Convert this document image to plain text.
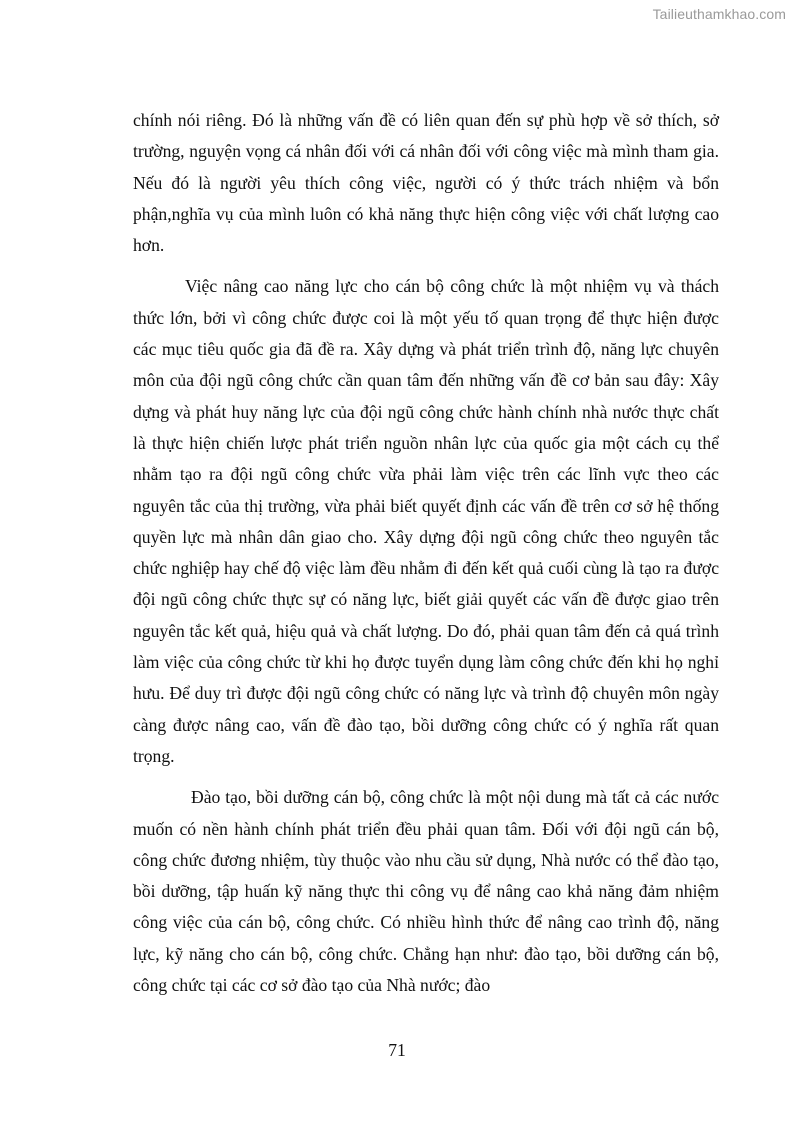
Tailieuthamkhao.com

chính nói riêng. Đó là những vấn đề có liên quan đến sự phù hợp về sở thích, sở trường, nguyện vọng cá nhân đối với cá nhân đối với công việc mà mình tham gia. Nếu đó là người yêu thích công việc, người có ý thức trách nhiệm và bổn phận,nghĩa vụ của mình luôn có khả năng thực hiện công việc với chất lượng cao hơn.

Việc nâng cao năng lực cho cán bộ công chức là một nhiệm vụ và thách thức lớn, bởi vì công chức được coi là một yếu tố quan trọng để thực hiện được các mục tiêu quốc gia đã đề ra. Xây dựng và phát triển trình độ, năng lực chuyên môn của đội ngũ công chức cần quan tâm đến những vấn đề cơ bản sau đây: Xây dựng và phát huy năng lực của đội ngũ công chức hành chính nhà nước thực chất là thực hiện chiến lược phát triển nguồn nhân lực của quốc gia một cách cụ thể nhằm tạo ra đội ngũ công chức vừa phải làm việc trên các lĩnh vực theo các nguyên tắc của thị trường, vừa phải biết quyết định các vấn đề trên cơ sở hệ thống quyền lực mà nhân dân giao cho. Xây dựng đội ngũ công chức theo nguyên tắc chức nghiệp hay chế độ việc làm đều nhằm đi đến kết quả cuối cùng là tạo ra được đội ngũ công chức thực sự có năng lực, biết giải quyết các vấn đề được giao trên nguyên tắc kết quả, hiệu quả và chất lượng. Do đó, phải quan tâm đến cả quá trình làm việc của công chức từ khi họ được tuyển dụng làm công chức đến khi họ nghỉ hưu. Để duy trì được đội ngũ công chức có năng lực và trình độ chuyên môn ngày càng được nâng cao, vấn đề đào tạo, bồi dưỡng công chức có ý nghĩa rất quan trọng.

Đào tạo, bồi dưỡng cán bộ, công chức là một nội dung mà tất cả các nước muốn có nền hành chính phát triển đều phải quan tâm. Đối với đội ngũ cán bộ, công chức đương nhiệm, tùy thuộc vào nhu cầu sử dụng, Nhà nước có thể đào tạo, bồi dưỡng, tập huấn kỹ năng thực thi công vụ để nâng cao khả năng đảm nhiệm công việc của cán bộ, công chức. Có nhiều hình thức để nâng cao trình độ, năng lực, kỹ năng cho cán bộ, công chức. Chẳng hạn như: đào tạo, bồi dưỡng cán bộ, công chức tại các cơ sở đào tạo của Nhà nước; đào

71
